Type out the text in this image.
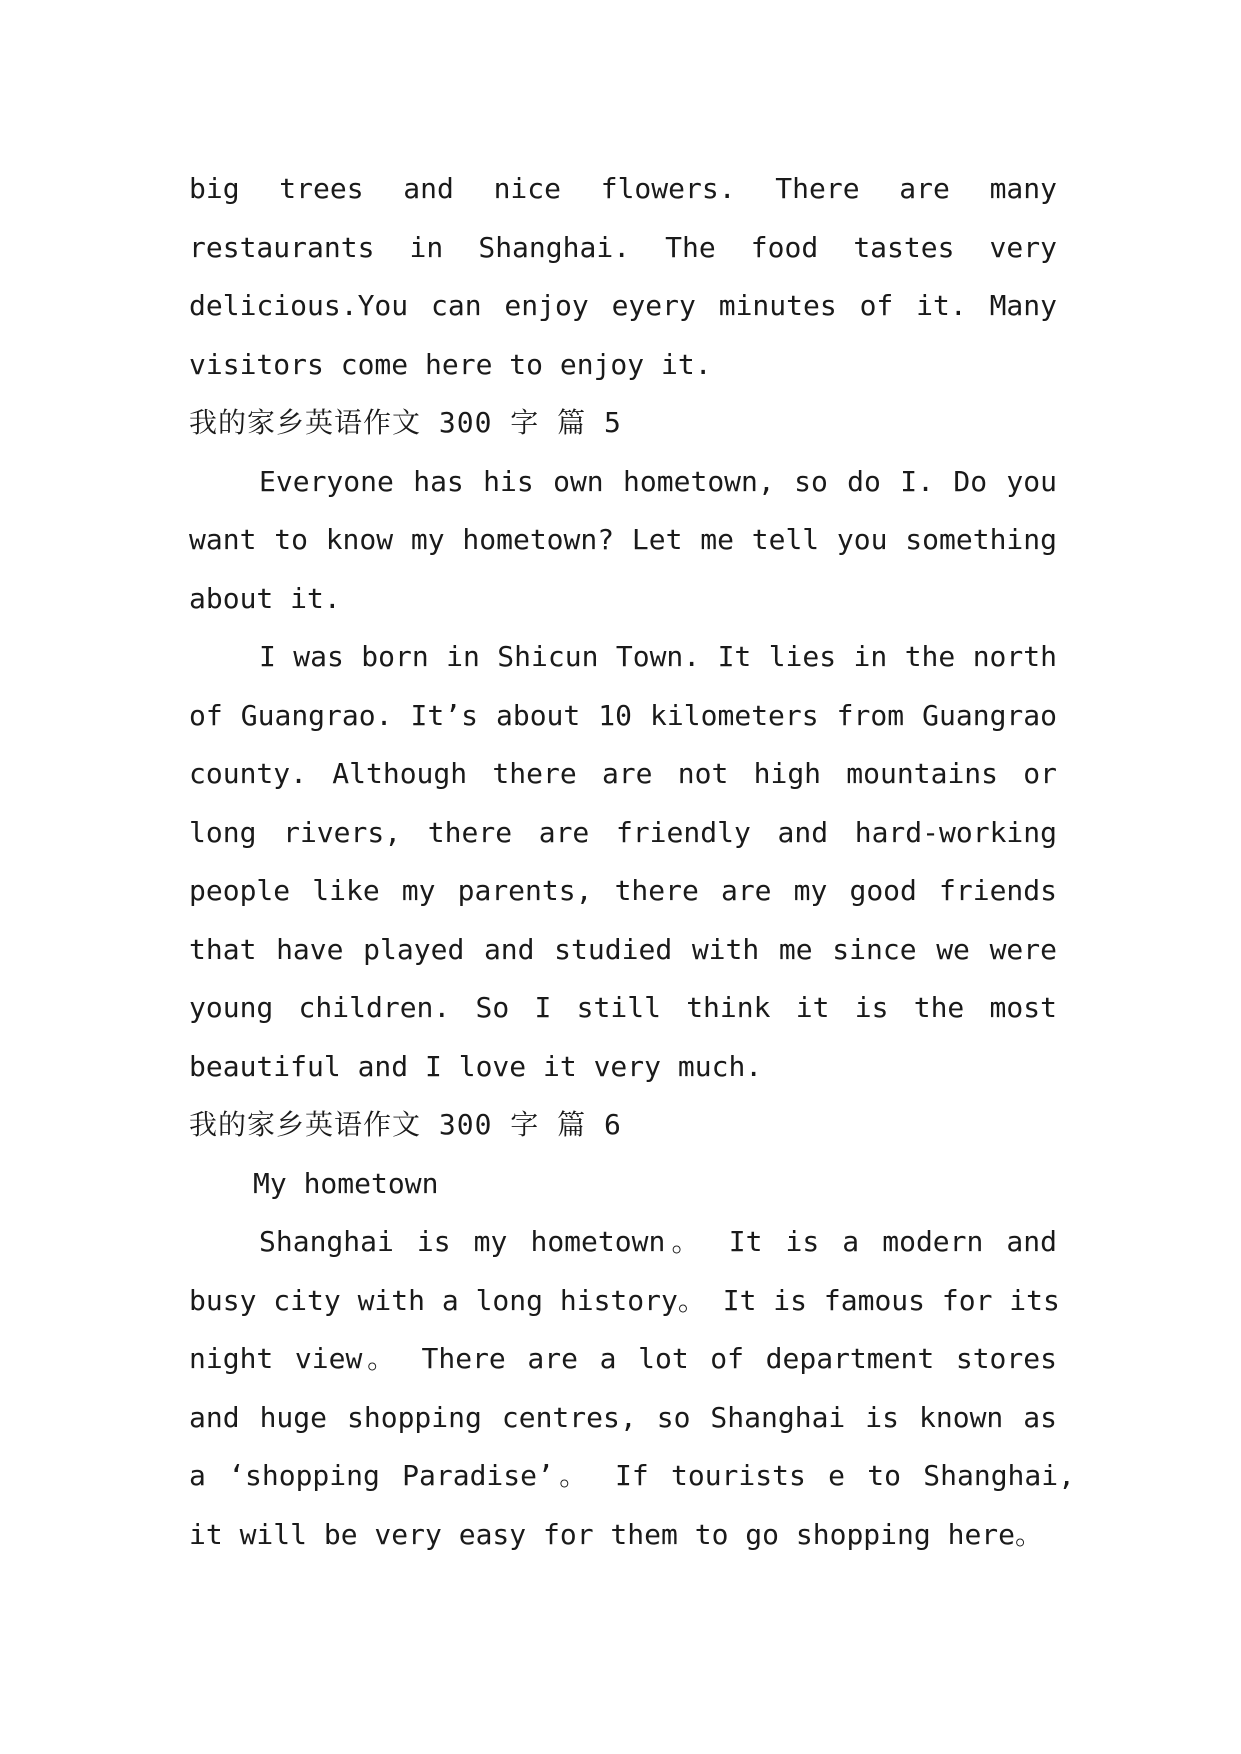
big trees and nice flowers. There are many
restaurants in Shanghai. The food tastes very
delicious.You can enjoy eyery minutes of it. Many
visitors come here to enjoy it.
我的家乡英语作文 300 字 篇 5
Everyone has his own hometown, so do I. Do you
want to know my hometown? Let me tell you something
about it.
I was born in Shicun Town. It lies in the north
of Guangrao. It’s about 10 kilometers from Guangrao
county. Although there are not high mountains or
long rivers, there are friendly and hard-working
people like my parents, there are my good friends
that have played and studied with me since we were
young children. So I still think it is the most
beautiful and I love it very much.
我的家乡英语作文 300 字 篇 6
My hometown
Shanghai is my hometown。 It is a modern and
busy city with a long history。 It is famous for its
night view。 There are a lot of department stores
and huge shopping centres, so Shanghai is known as
a ‘shopping Paradise’。 If tourists e to Shanghai,
it will be very easy for them to go shopping here。
